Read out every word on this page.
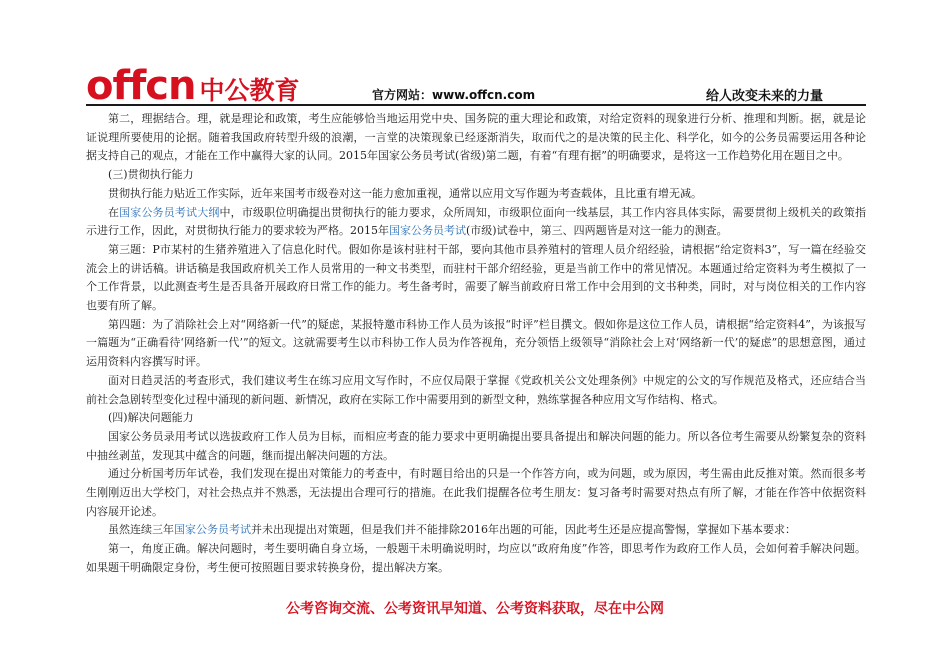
offcn 中公教育	官方网站：www.offcn.com	给人改变未来的力量

第二，理据结合。理，就是理论和政策，考生应能够恰当地运用党中央、国务院的重大理论和政策，对给定资料的现象进行分析、推理和判断。据，就是论证说理所要使用的论据。随着我国政府转型升级的浪潮，一言堂的决策现象已经逐渐消失，取而代之的是决策的民主化、科学化，如今的公务员需要运用各种论据支持自己的观点，才能在工作中赢得大家的认同。2015年国家公务员考试(省级)第二题，有着“有理有据”的明确要求，是将这一工作趋势化用在题目之中。

(三)贯彻执行能力

贯彻执行能力贴近工作实际，近年来国考市级卷对这一能力愈加重视，通常以应用文写作题为考查载体，且比重有增无减。

在国家公务员考试大纲中，市级职位明确提出贯彻执行的能力要求，众所周知，市级职位面向一线基层，其工作内容具体实际，需要贯彻上级机关的政策指示进行工作，因此，对贯彻执行能力的要求较为严格。2015年国家公务员考试(市级)试卷中，第三、四两题皆是对这一能力的测查。

第三题：P市某村的生猪养殖进入了信息化时代。假如你是该村驻村干部，要向其他市县养殖村的管理人员介绍经验，请根据“给定资料3”，写一篇在经验交流会上的讲话稿。讲话稿是我国政府机关工作人员常用的一种文书类型，而驻村干部介绍经验，更是当前工作中的常见情况。本题通过给定资料为考生模拟了一个工作背景，以此测查考生是否具备开展政府日常工作的能力。考生备考时，需要了解当前政府日常工作中会用到的文书种类，同时，对与岗位相关的工作内容也要有所了解。

第四题：为了消除社会上对“网络新一代”的疑虑，某报特邀市科协工作人员为该报“时评”栏目撰文。假如你是这位工作人员，请根据“给定资料4”，为该报写一篇题为“正确看待‘网络新一代’”的短文。这就需要考生以市科协工作人员为作答视角，充分领悟上级领导“消除社会上对‘网络新一代’的疑虑”的思想意图，通过运用资料内容撰写时评。

面对日趋灵活的考查形式，我们建议考生在练习应用文写作时，不应仅局限于掌握《党政机关公文处理条例》中规定的公文的写作规范及格式，还应结合当前社会急剧转型变化过程中涌现的新问题、新情况，政府在实际工作中需要用到的新型文种，熟练掌握各种应用文写作结构、格式。

(四)解决问题能力

国家公务员录用考试以选拔政府工作人员为目标，而相应考查的能力要求中更明确提出要具备提出和解决问题的能力。所以各位考生需要从纷繁复杂的资料中抽丝剥茧，发现其中蕴含的问题，继而提出解决问题的方法。

通过分析国考历年试卷，我们发现在提出对策能力的考查中，有时题目给出的只是一个作答方向，或为问题，或为原因，考生需由此反推对策。然而很多考生刚刚迈出大学校门，对社会热点并不熟悉，无法提出合理可行的措施。在此我们提醒各位考生朋友：复习备考时需要对热点有所了解，才能在作答中依据资料内容展开论述。

虽然连续三年国家公务员考试并未出现提出对策题，但是我们并不能排除2016年出题的可能，因此考生还是应提高警惕，掌握如下基本要求：

第一，角度正确。解决问题时，考生要明确自身立场，一般题干未明确说明时，均应以“政府角度”作答，即思考作为政府工作人员，会如何着手解决问题。如果题干明确限定身份，考生便可按照题目要求转换身份，提出解决方案。

公考咨询交流、公考资讯早知道、公考资料获取，尽在中公网
